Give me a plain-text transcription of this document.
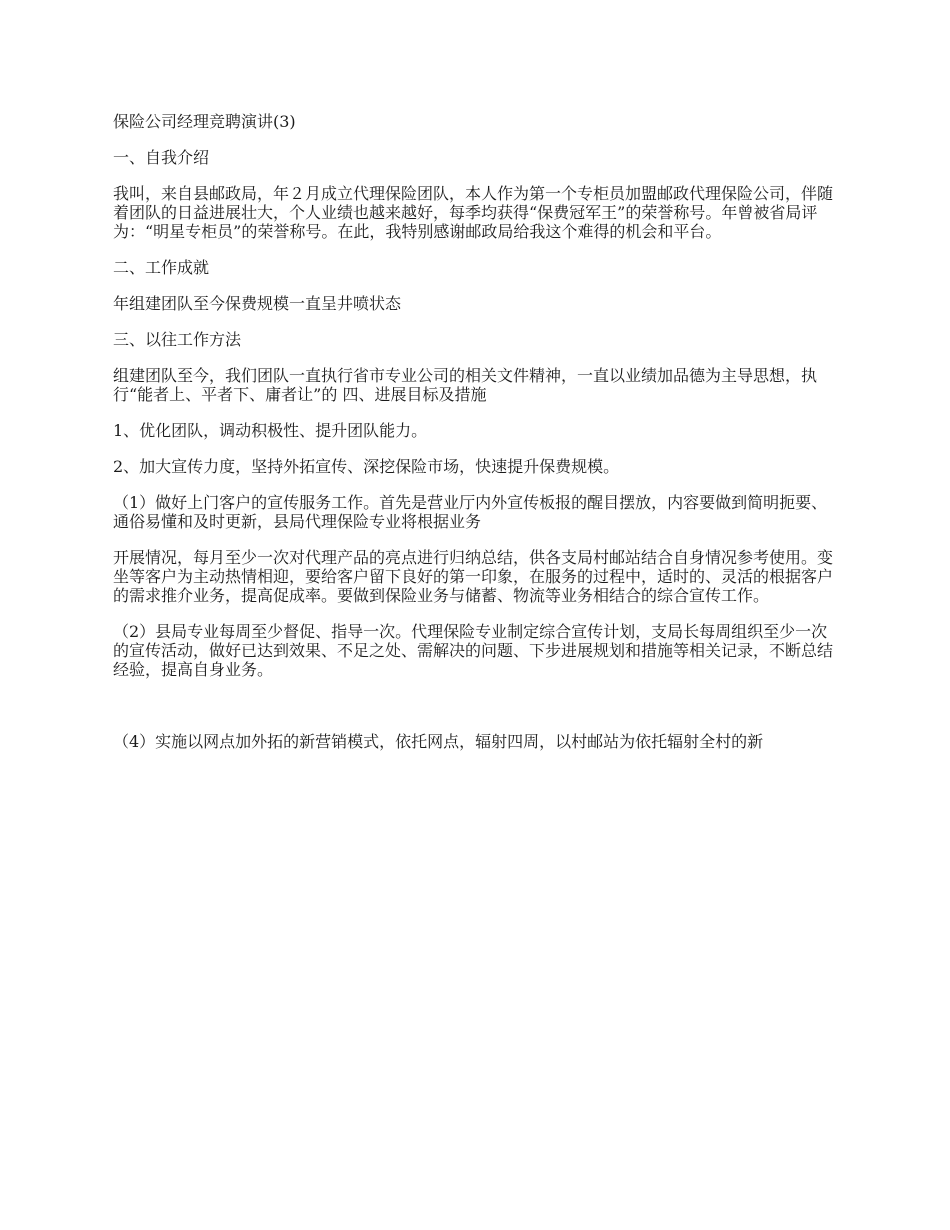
保险公司经理竞聘演讲(3)

一、自我介绍

我叫，来自县邮政局，年２月成立代理保险团队，本人作为第一个专柜员加盟邮政代理保险公司，伴随着团队的日益进展壮大，个人业绩也越来越好，每季均获得“保费冠军王”的荣誉称号。年曾被省局评为：“明星专柜员”的荣誉称号。在此，我特别感谢邮政局给我这个难得的机会和平台。

二、工作成就

年组建团队至今保费规模一直呈井喷状态

三、以往工作方法

组建团队至今，我们团队一直执行省市专业公司的相关文件精神，一直以业绩加品德为主导思想，执行“能者上、平者下、庸者让”的 四、进展目标及措施

1、优化团队，调动积极性、提升团队能力。

2、加大宣传力度，坚持外拓宣传、深挖保险市场，快速提升保费规模。

（1）做好上门客户的宣传服务工作。首先是营业厅内外宣传板报的醒目摆放，内容要做到简明扼要、通俗易懂和及时更新，县局代理保险专业将根据业务

开展情况，每月至少一次对代理产品的亮点进行归纳总结，供各支局村邮站结合自身情况参考使用。变坐等客户为主动热情相迎，要给客户留下良好的第一印象，在服务的过程中，适时的、灵活的根据客户的需求推介业务，提高促成率。要做到保险业务与储蓄、物流等业务相结合的综合宣传工作。

（2）县局专业每周至少督促、指导一次。代理保险专业制定综合宣传计划，支局长每周组织至少一次的宣传活动，做好已达到效果、不足之处、需解决的问题、下步进展规划和措施等相关记录，不断总结经验，提高自身业务。

（4）实施以网点加外拓的新营销模式，依托网点，辐射四周，以村邮站为依托辐射全村的新
